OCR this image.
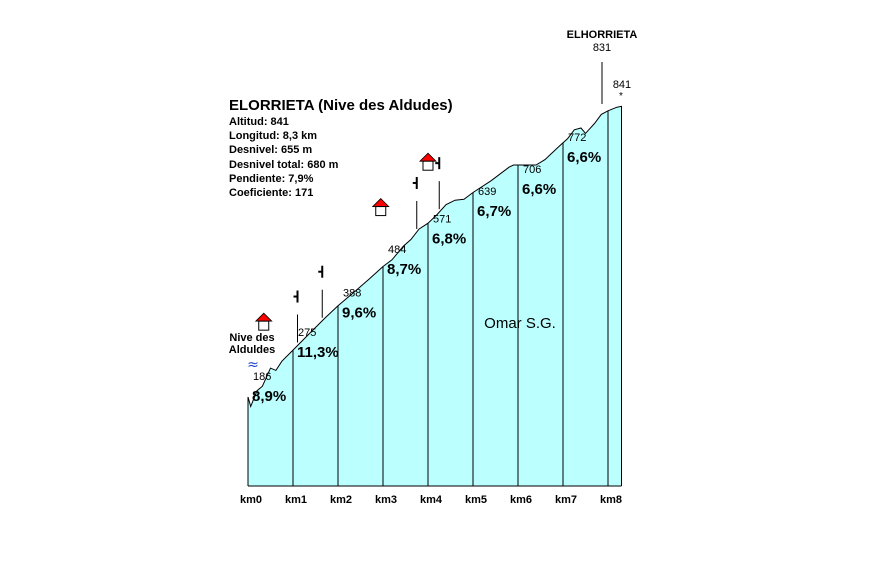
km0 km1 km2 km3 km4 km5 km6 km7 km8
186
8,9%
275
11,3%
388
9,6%
484
8,7%
571
6,8%
639
6,7%
706
6,6%
772
6,6%
ELHORRIETA
831
841
*
Nive des
Alduldes
≈
Omar S.G.
ELORRIETA (Nive des Aldudes)
Altitud: 841
Longitud: 8,3 km
Desnivel: 655 m
Desnivel total: 680 m
Pendiente: 7,9%
Coeficiente: 171
